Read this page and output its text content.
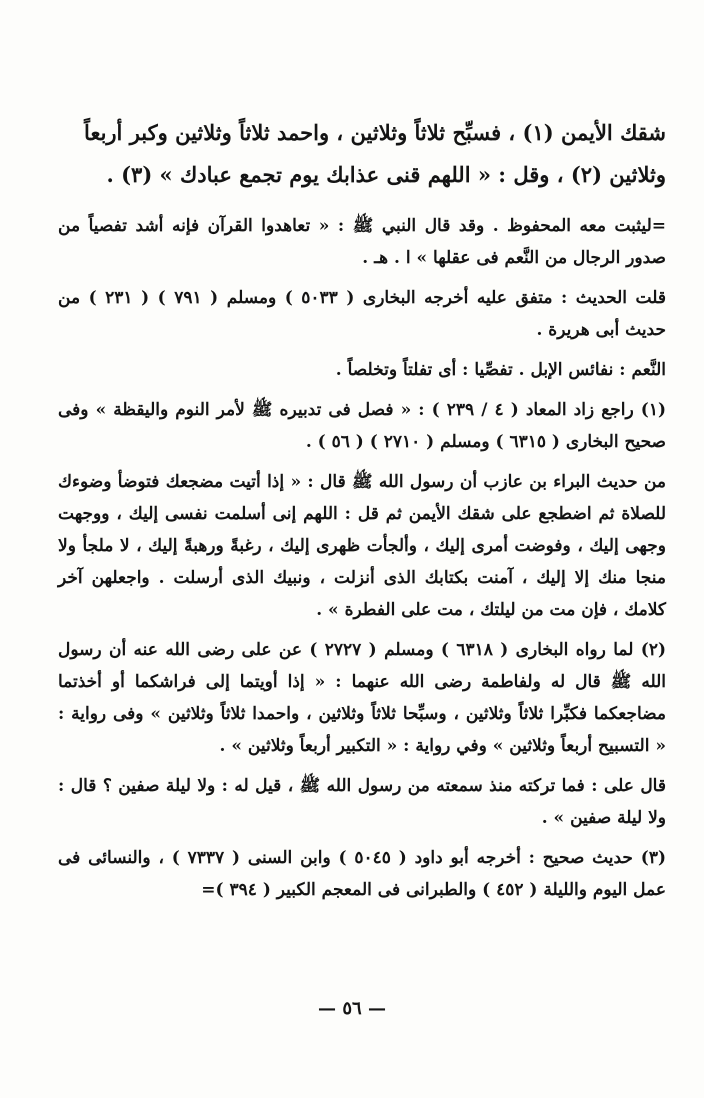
شقك الأيمن (١) ، فسبِّح ثلاثاً وثلاثين ، واحمد ثلاثاً وثلاثين وكبر أربعاً

وثلاثين (٢) ، وقل : « اللهم قنى عذابك يوم تجمع عبادك » (٣) .

=ليثبت معه المحفوظ . وقد قال النبي ﷺ : « تعاهدوا القرآن فإنه أشد تفصياً من صدور الرجال من النَّعم فى عقلها » ا . هـ .

قلت الحديث : متفق عليه أخرجه البخارى ( ٥٠٣٣ ) ومسلم ( ٧٩١ ) ( ٢٣١ ) من حديث أبى هريرة .

النَّعم : نفائس الإبل . تفصِّيا : أى تفلتاً وتخلصاً .

(١) راجع زاد المعاد ( ٤ / ٢٣٩ ) : « فصل فى تدبيره ﷺ لأمر النوم واليقظة » وفى صحيح البخارى ( ٦٣١٥ ) ومسلم ( ٢٧١٠ ) ( ٥٦ ) .

من حديث البراء بن عازب أن رسول الله ﷺ قال : « إذا أتيت مضجعك فتوضأ وضوءك للصلاة ثم اضطجع على شقك الأيمن ثم قل : اللهم إنى أسلمت نفسى إليك ، ووجهت وجهى إليك ، وفوضت أمرى إليك ، وألجأت ظهرى إليك ، رغبةً ورهبةً إليك ، لا ملجأ ولا منجا منك إلا إليك ، آمنت بكتابك الذى أنزلت ، ونبيك الذى أرسلت . واجعلهن آخر كلامك ، فإن مت من ليلتك ، مت على الفطرة » .

(٢) لما رواه البخارى ( ٦٣١٨ ) ومسلم ( ٢٧٢٧ ) عن على رضى الله عنه أن رسول الله ﷺ قال له ولفاطمة رضى الله عنهما : « إذا أويتما إلى فراشكما أو أخذتما مضاجعكما فكبِّرا ثلاثاً وثلاثين ، وسبِّحا ثلاثاً وثلاثين ، واحمدا ثلاثاً وثلاثين » وفى رواية : « التسبيح أربعاً وثلاثين » وفي رواية : « التكبير أربعاً وثلاثين » .

قال على : فما تركته منذ سمعته من رسول الله ﷺ ، قيل له : ولا ليلة صفين ؟ قال : ولا ليلة صفين » .

(٣) حديث صحيح : أخرجه أبو داود ( ٥٠٤٥ ) وابن السنى ( ٧٣٣٧ ) ، والنسائى فى عمل اليوم والليلة ( ٤٥٢ ) والطبرانى فى المعجم الكبير ( ٣٩٤ )=

— ٥٦ —
